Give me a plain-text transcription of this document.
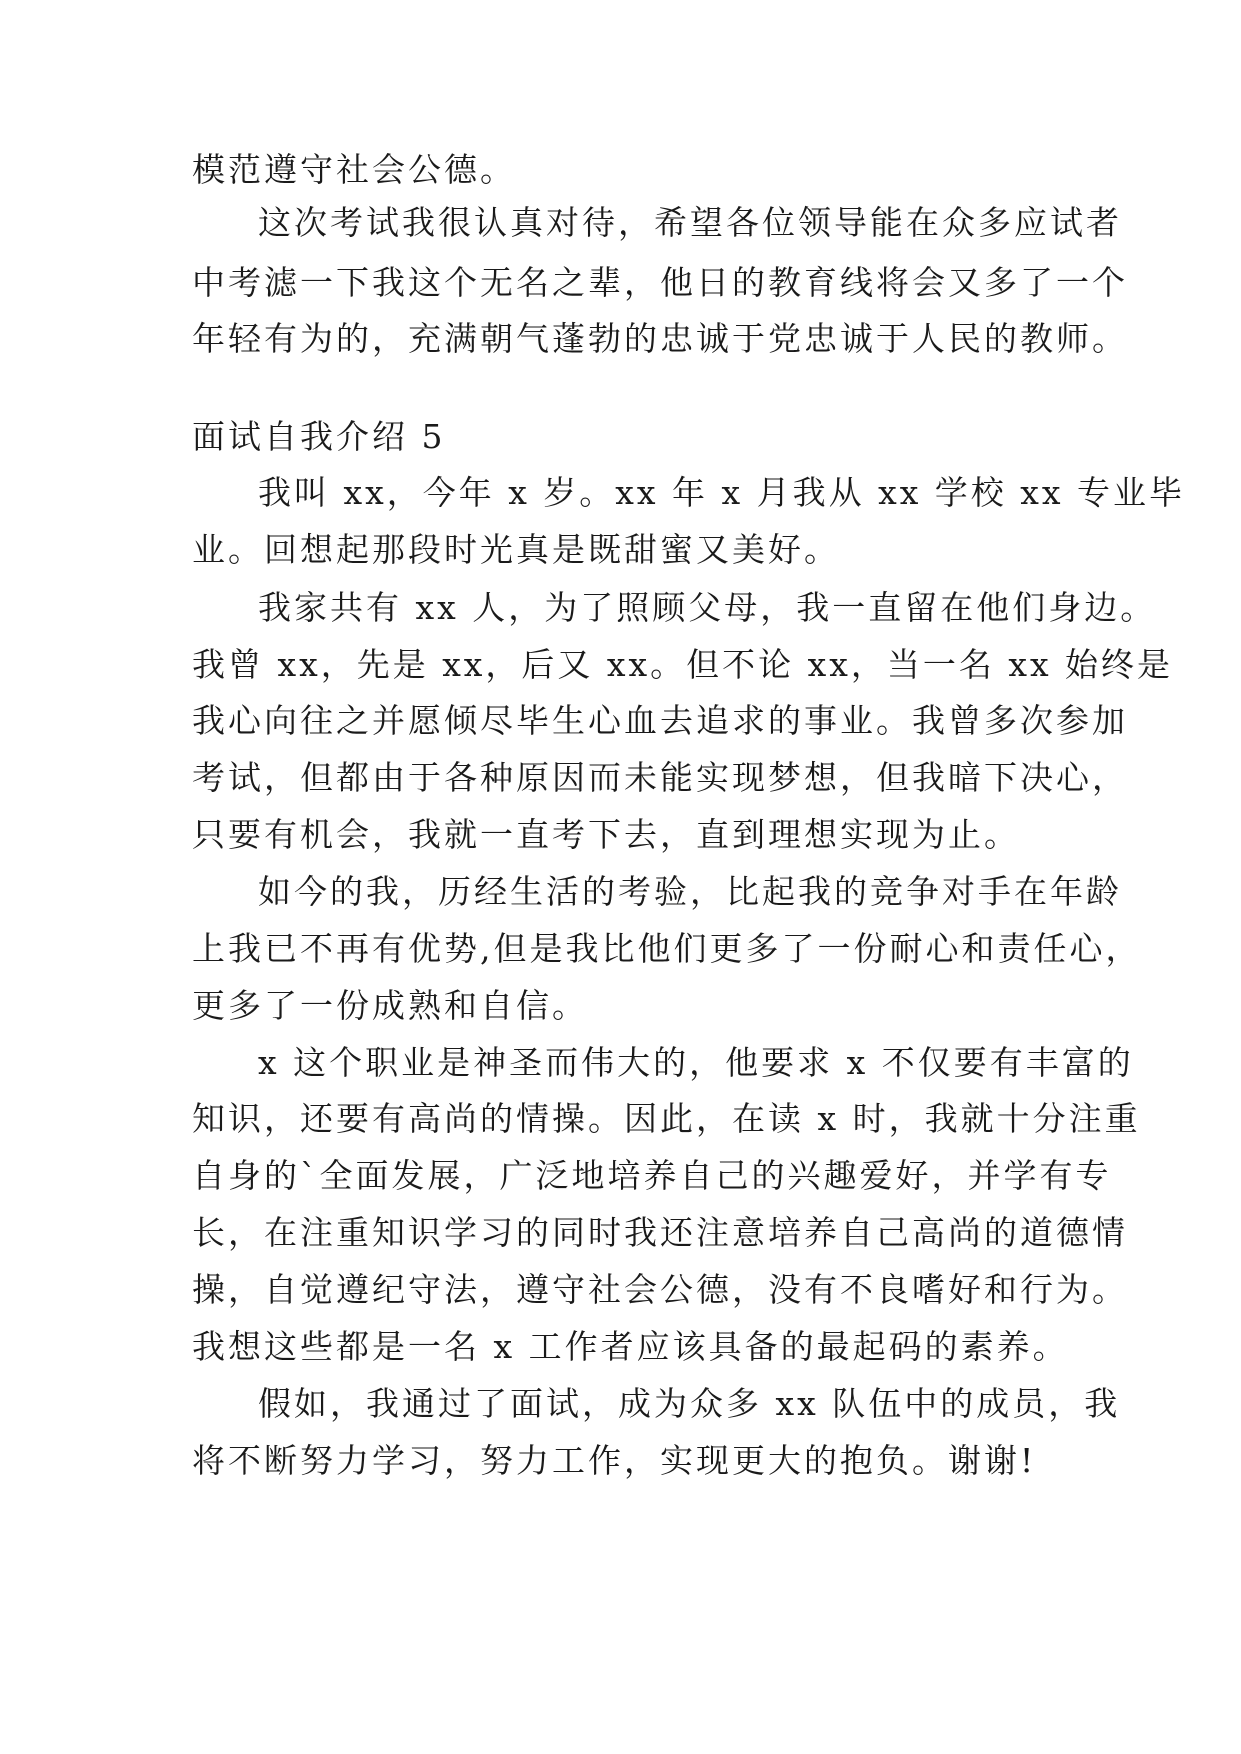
模范遵守社会公德。
这次考试我很认真对待，希望各位领导能在众多应试者
中考滤一下我这个无名之辈，他日的教育线将会又多了一个
年轻有为的，充满朝气蓬勃的忠诚于党忠诚于人民的教师。
面试自我介绍 5
我叫 xx，今年 x 岁。xx 年 x 月我从 xx 学校 xx 专业毕
业。回想起那段时光真是既甜蜜又美好。
我家共有 xx 人，为了照顾父母，我一直留在他们身边。
我曾 xx，先是 xx，后又 xx。但不论 xx，当一名 xx 始终是
我心向往之并愿倾尽毕生心血去追求的事业。我曾多次参加
考试，但都由于各种原因而未能实现梦想，但我暗下决心，
只要有机会，我就一直考下去，直到理想实现为止。
如今的我，历经生活的考验，比起我的竞争对手在年龄
上我已不再有优势,但是我比他们更多了一份耐心和责任心，
更多了一份成熟和自信。
x 这个职业是神圣而伟大的，他要求 x 不仅要有丰富的
知识，还要有高尚的情操。因此，在读 x 时，我就十分注重
自身的`全面发展，广泛地培养自己的兴趣爱好，并学有专
长，在注重知识学习的同时我还注意培养自己高尚的道德情
操，自觉遵纪守法，遵守社会公德，没有不良嗜好和行为。
我想这些都是一名 x 工作者应该具备的最起码的素养。
假如，我通过了面试，成为众多 xx 队伍中的成员，我
将不断努力学习，努力工作，实现更大的抱负。谢谢!
